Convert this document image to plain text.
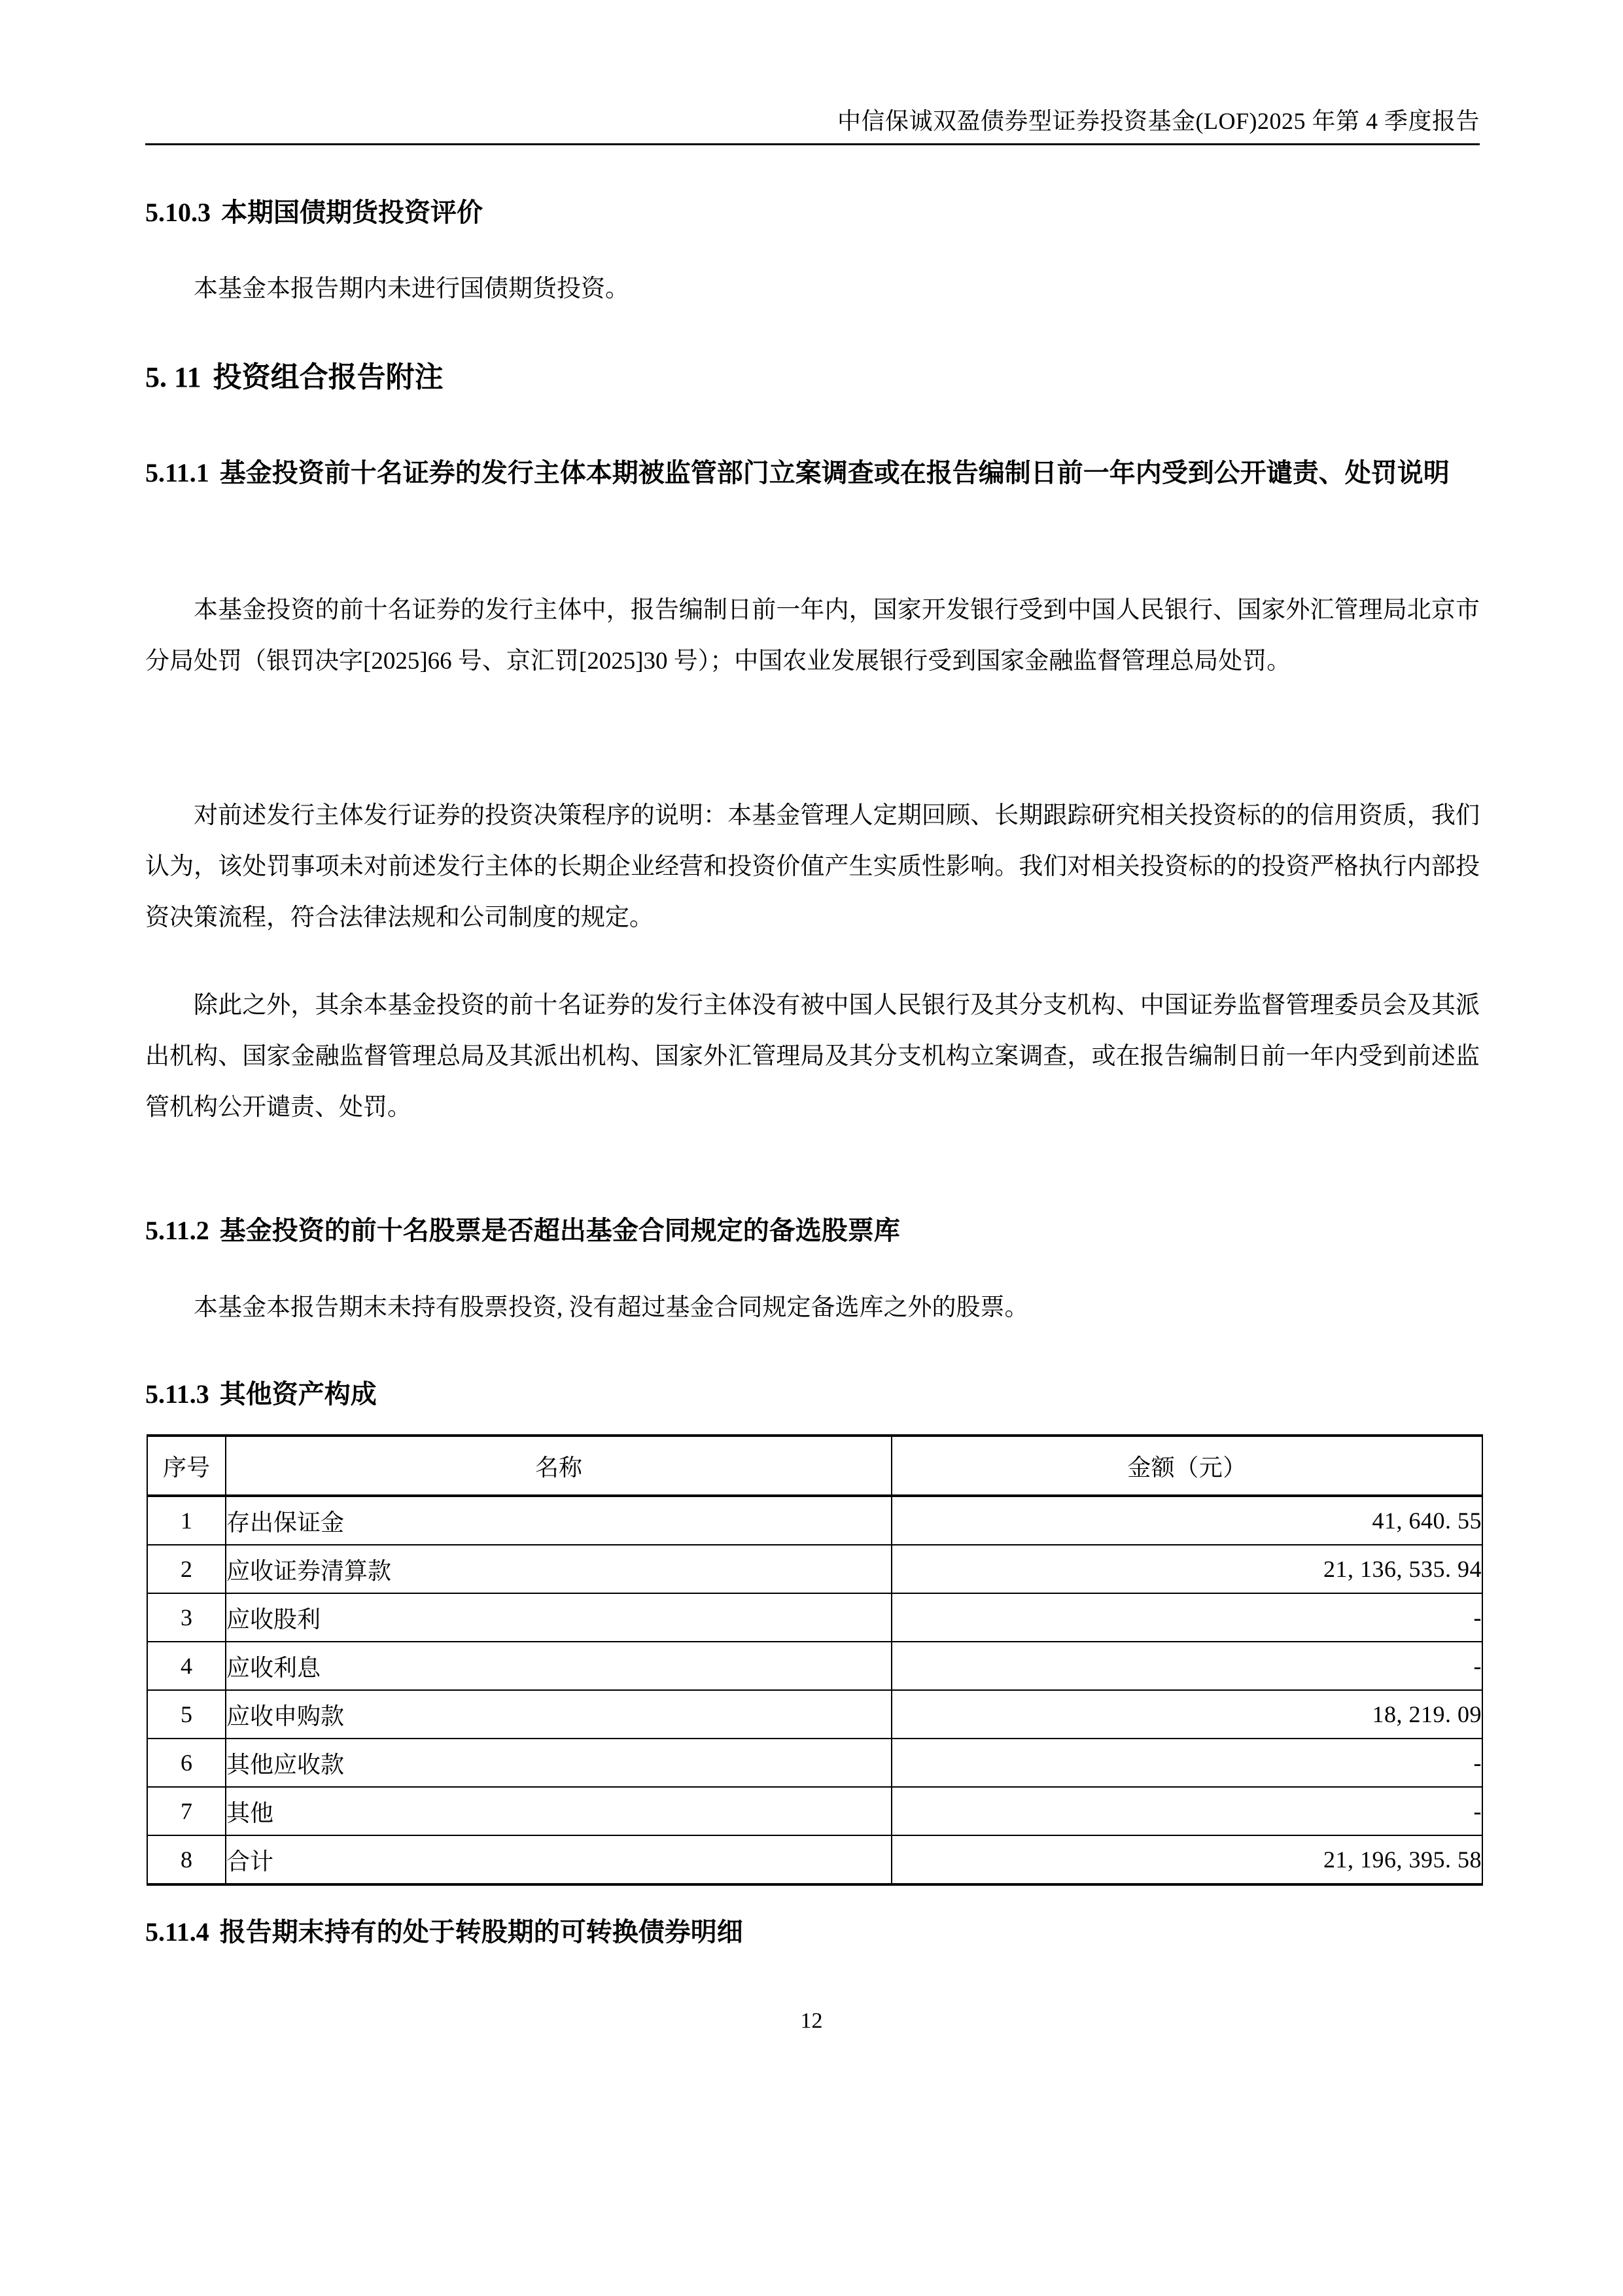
中信保诚双盈债券型证券投资基金(LOF)2025 年第 4 季度报告
5.10.3 本期国债期货投资评价

本基金本报告期内未进行国债期货投资。

5. 11 投资组合报告附注
5.11.1 基金投资前十名证券的发行主体本期被监管部门立案调查或在报告编制日前一年内受到公开谴责、处罚说明

本基金投资的前十名证券的发行主体中，报告编制日前一年内，国家开发银行受到中国人民银行、国家外汇管理局北京市分局处罚（银罚决字[2025]66 号、京汇罚[2025]30 号）；中国农业发展银行受到国家金融监督管理总局处罚。

对前述发行主体发行证券的投资决策程序的说明：本基金管理人定期回顾、长期跟踪研究相关投资标的的信用资质，我们认为，该处罚事项未对前述发行主体的长期企业经营和投资价值产生实质性影响。我们对相关投资标的的投资严格执行内部投资决策流程，符合法律法规和公司制度的规定。

除此之外，其余本基金投资的前十名证券的发行主体没有被中国人民银行及其分支机构、中国证券监督管理委员会及其派出机构、国家金融监督管理总局及其派出机构、国家外汇管理局及其分支机构立案调查，或在报告编制日前一年内受到前述监管机构公开谴责、处罚。

5.11.2 基金投资的前十名股票是否超出基金合同规定的备选股票库

本基金本报告期末未持有股票投资, 没有超过基金合同规定备选库之外的股票。

5.11.3 其他资产构成
序号	名称	金额（元）
1	存出保证金	41, 640. 55
2	应收证券清算款	21, 136, 535. 94
3	应收股利	-
4	应收利息	-
5	应收申购款	18, 219. 09
6	其他应收款	-
7	其他	-
8	合计	21, 196, 395. 58
5.11.4 报告期末持有的处于转股期的可转换债券明细
12
